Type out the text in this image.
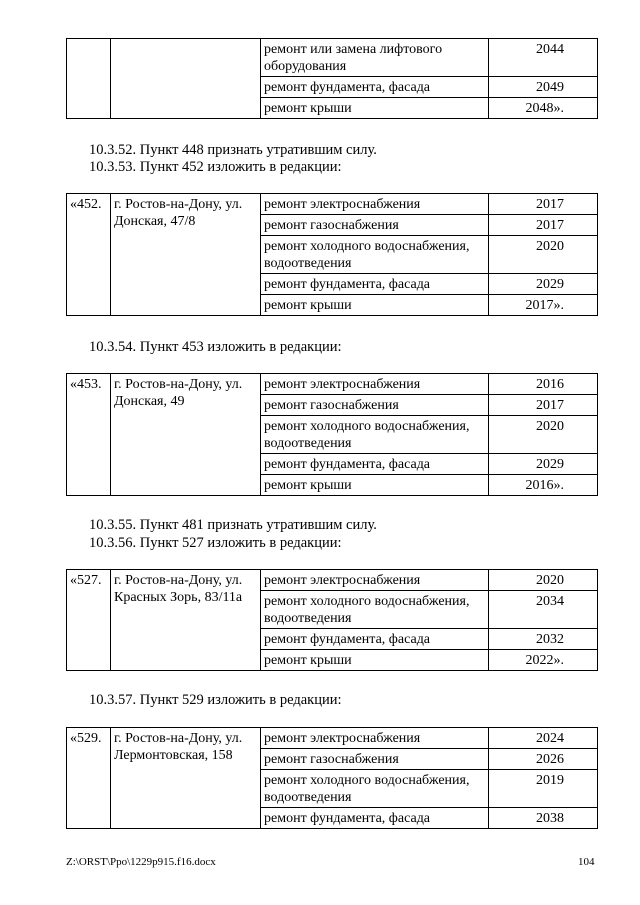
		ремонт или замена лифтового оборудования	2044
		ремонт фундамента, фасада	2049
		ремонт крыши	2048».
10.3.52. Пункт 448 признать утратившим силу.
10.3.53. Пункт 452 изложить в редакции:
«452.	г. Ростов-на-Дону, ул. Донская, 47/8	ремонт электроснабжения	2017
		ремонт газоснабжения	2017
		ремонт холодного водоснабжения, водоотведения	2020
		ремонт фундамента, фасада	2029
		ремонт крыши	2017».
10.3.54. Пункт 453 изложить в редакции:
«453.	г. Ростов-на-Дону, ул. Донская, 49	ремонт электроснабжения	2016
		ремонт газоснабжения	2017
		ремонт холодного водоснабжения, водоотведения	2020
		ремонт фундамента, фасада	2029
		ремонт крыши	2016».
10.3.55. Пункт 481 признать утратившим силу.
10.3.56. Пункт 527 изложить в редакции:
«527.	г. Ростов-на-Дону, ул. Красных Зорь, 83/11а	ремонт электроснабжения	2020
		ремонт холодного водоснабжения, водоотведения	2034
		ремонт фундамента, фасада	2032
		ремонт крыши	2022».
10.3.57. Пункт 529 изложить в редакции:
«529.	г. Ростов-на-Дону, ул. Лермонтовская, 158	ремонт электроснабжения	2024
		ремонт газоснабжения	2026
		ремонт холодного водоснабжения, водоотведения	2019
		ремонт фундамента, фасада	2038
Z:\ORST\Ppo\1229p915.f16.docx	104
